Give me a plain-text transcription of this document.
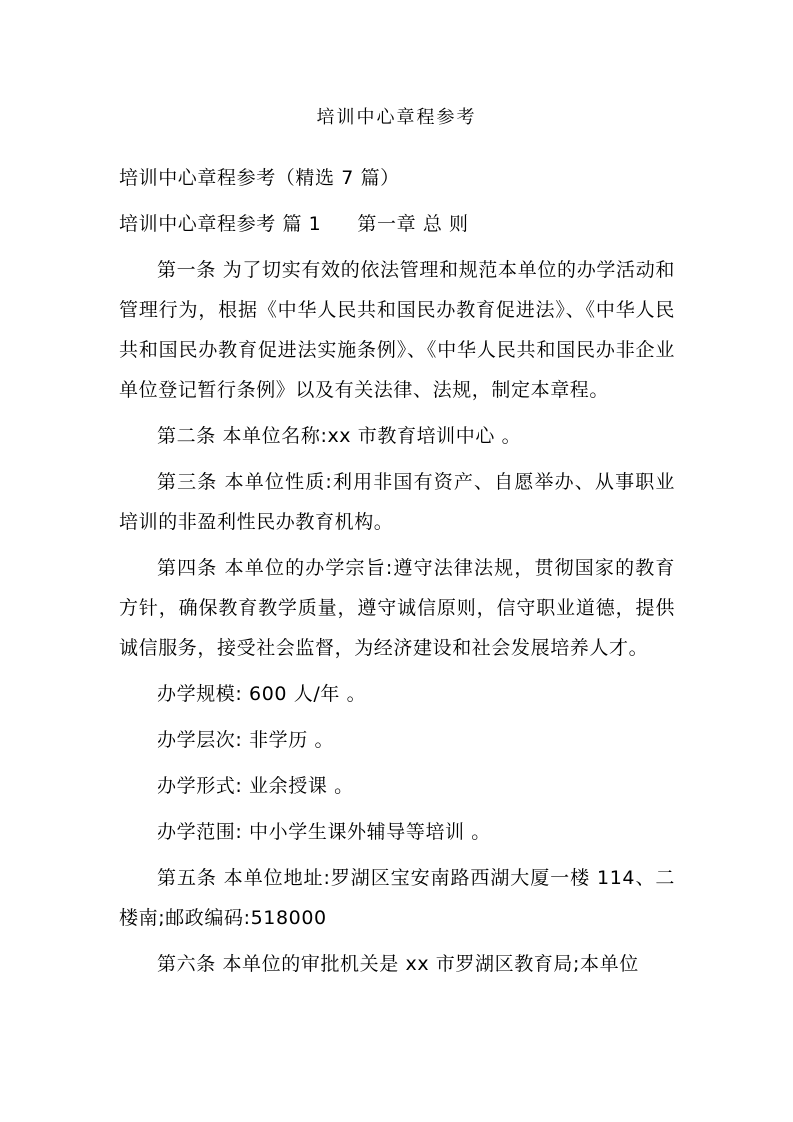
培训中心章程参考

培训中心章程参考（精选 7 篇）

培训中心章程参考 篇 1 第一章 总 则

第一条 为了切实有效的依法管理和规范本单位的办学活动和管理行为，根据《中华人民共和国民办教育促进法》、《中华人民共和国民办教育促进法实施条例》、《中华人民共和国民办非企业单位登记暂行条例》以及有关法律、法规，制定本章程。

第二条 本单位名称:xx 市教育培训中心 。

第三条 本单位性质:利用非国有资产、自愿举办、从事职业培训的非盈利性民办教育机构。

第四条 本单位的办学宗旨:遵守法律法规，贯彻国家的教育方针，确保教育教学质量，遵守诚信原则，信守职业道德，提供诚信服务，接受社会监督，为经济建设和社会发展培养人才。

办学规模: 600 人/年 。

办学层次: 非学历 。

办学形式: 业余授课 。

办学范围: 中小学生课外辅导等培训 。

第五条 本单位地址:罗湖区宝安南路西湖大厦一楼 114、二楼南;邮政编码:518000

第六条 本单位的审批机关是 xx 市罗湖区教育局;本单位
